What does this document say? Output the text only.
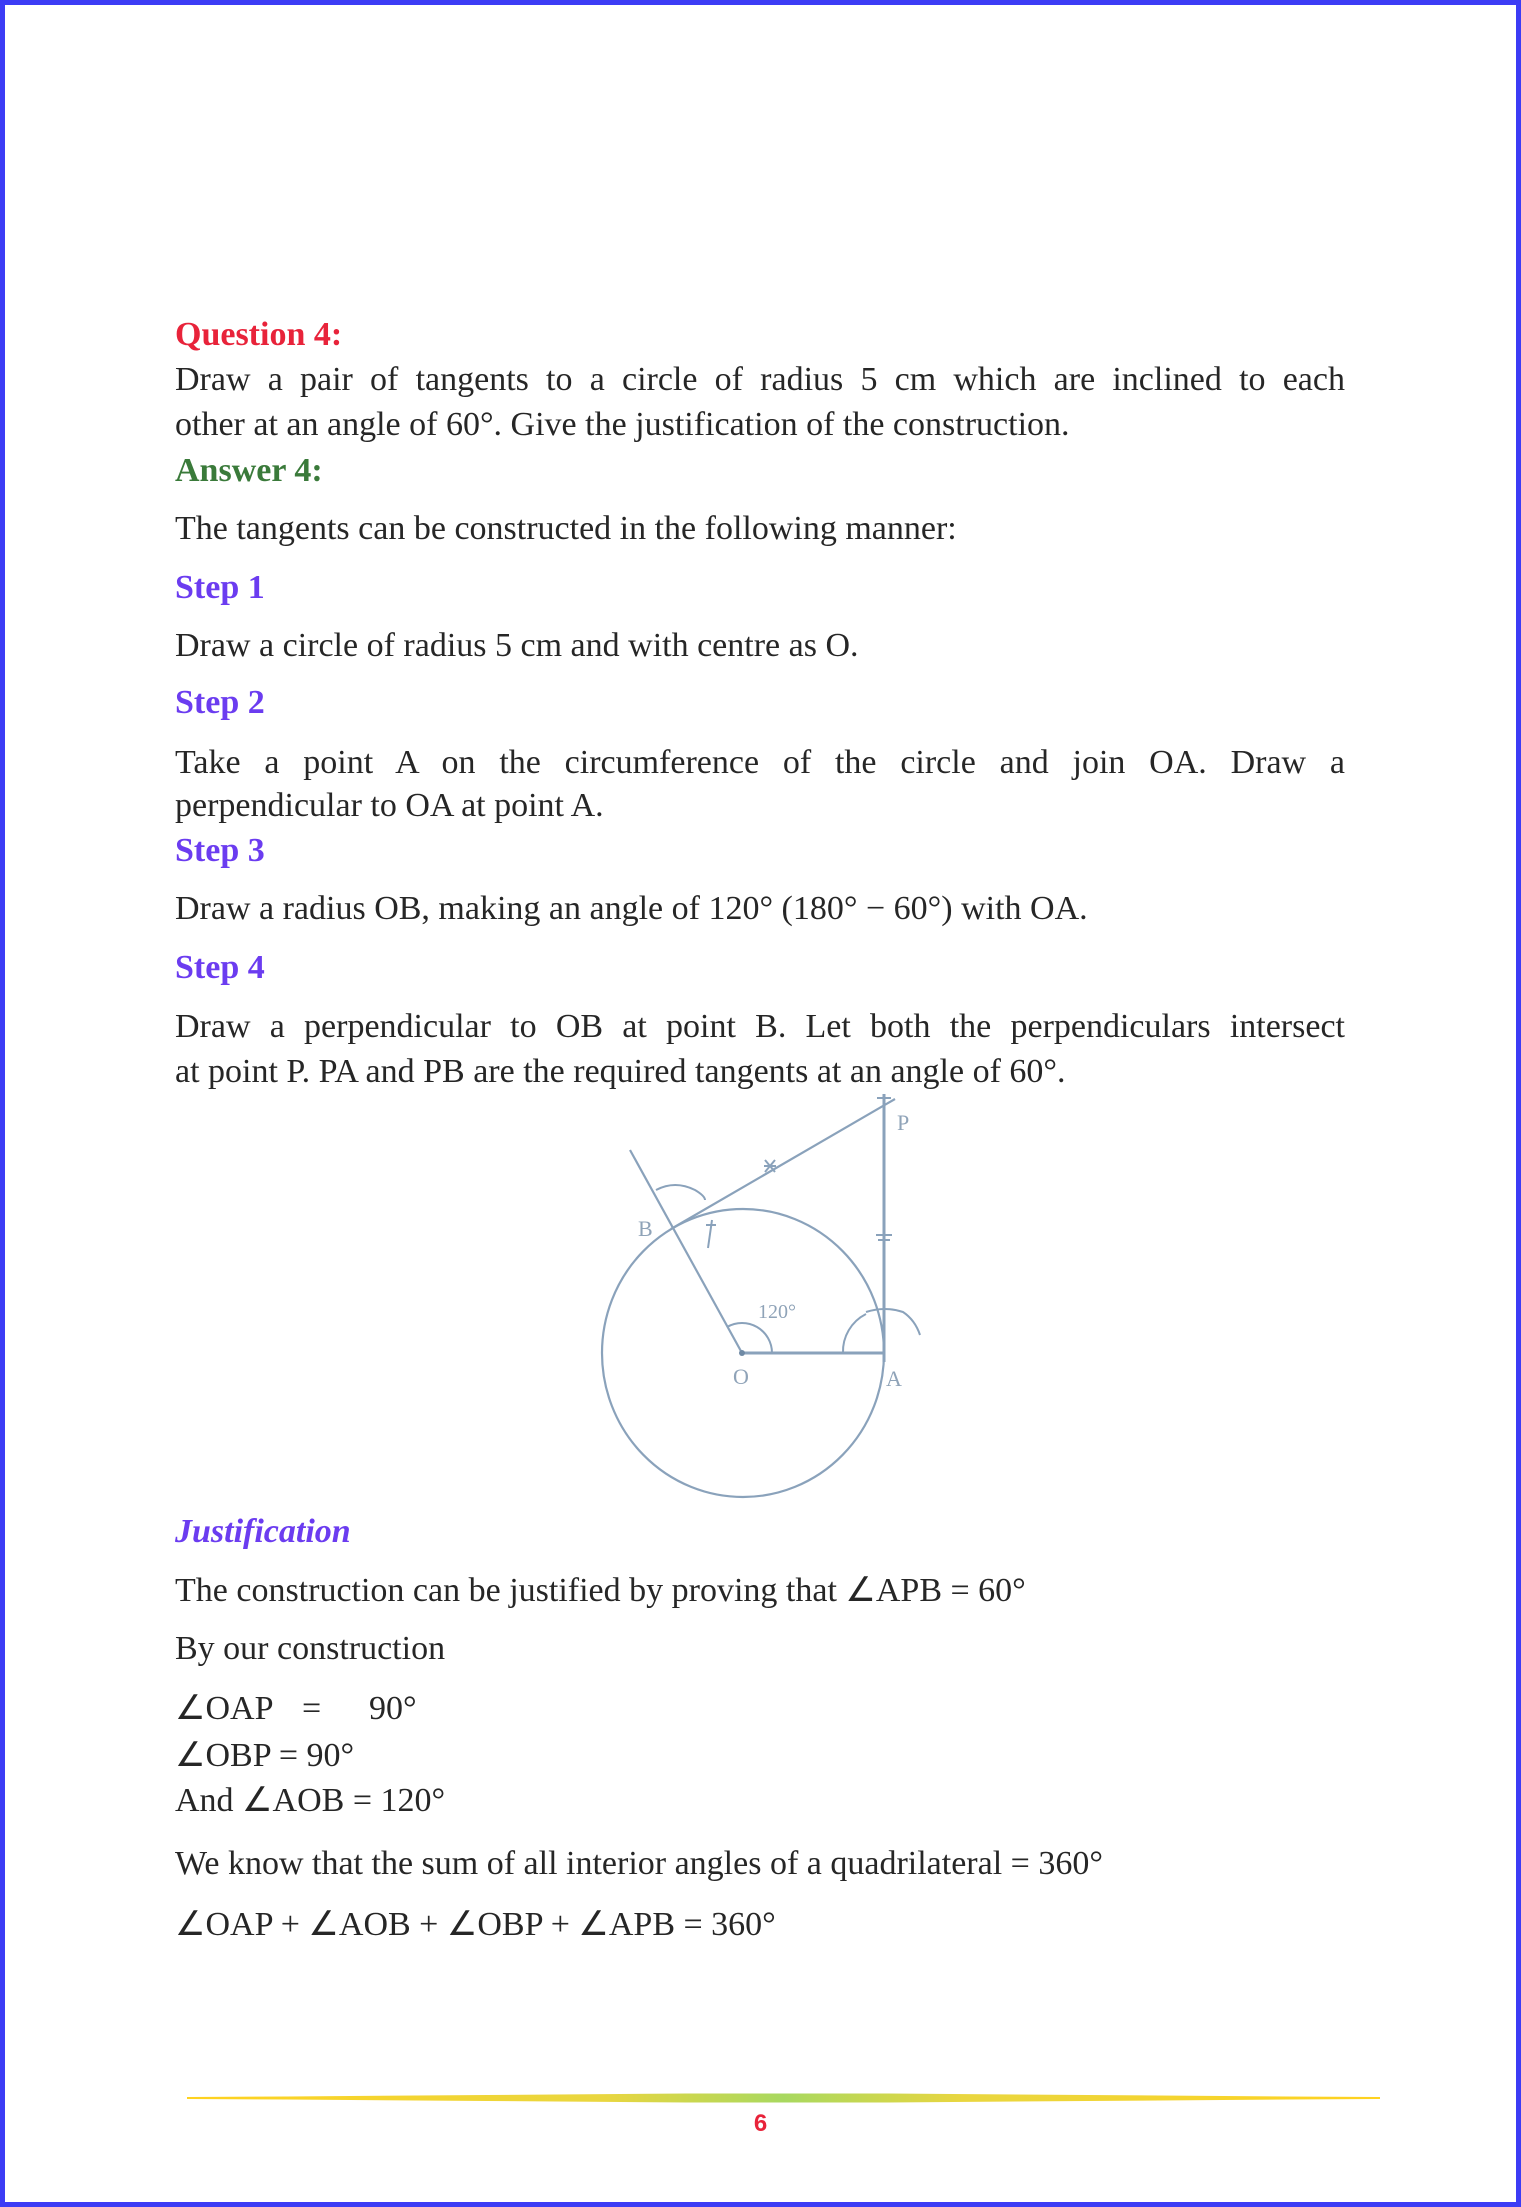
Question 4:
Draw a pair of tangents to a circle of radius 5 cm which are inclined to each
other at an angle of 60°. Give the justification of the construction.
Answer 4:
The tangents can be constructed in the following manner:
Step 1
Draw a circle of radius 5 cm and with centre as O.
Step 2
Take a point A on the circumference of the circle and join OA. Draw a
perpendicular to OA at point A.
Step 3
Draw a radius OB, making an angle of 120° (180° − 60°) with OA.
Step 4
Draw a perpendicular to OB at point B. Let both the perpendiculars intersect
at point P. PA and PB are the required tangents at an angle of 60°.
P
B
O	A
120°
Justification
The construction can be justified by proving that ∠APB = 60°
By our construction
∠OAP = 90°
∠OBP = 90°
And ∠AOB = 120°
We know that the sum of all interior angles of a quadrilateral = 360°
∠OAP + ∠AOB + ∠OBP + ∠APB = 360°
6
